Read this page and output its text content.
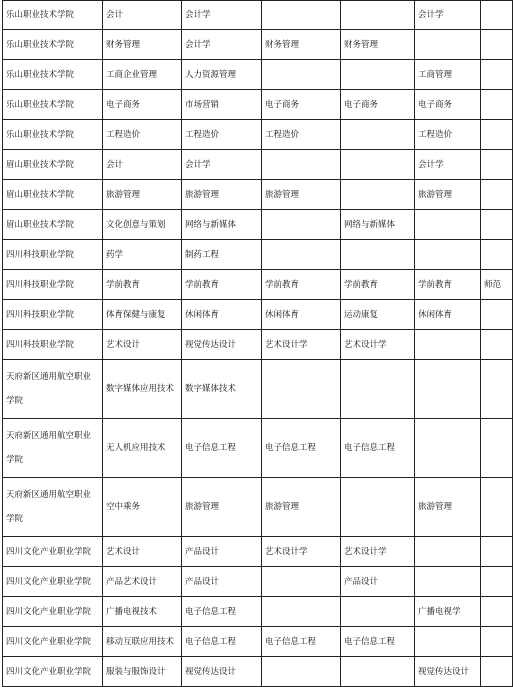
乐山职业技术学院	会计	会计学			会计学	
乐山职业技术学院	财务管理	会计学	财务管理	财务管理		
乐山职业技术学院	工商企业管理	人力资源管理			工商管理	
乐山职业技术学院	电子商务	市场营销	电子商务	电子商务	电子商务	
乐山职业技术学院	工程造价	工程造价	工程造价		工程造价	
眉山职业技术学院	会计	会计学			会计学	
眉山职业技术学院	旅游管理	旅游管理	旅游管理		旅游管理	
眉山职业技术学院	文化创意与策划	网络与新媒体		网络与新媒体		
四川科技职业学院	药学	制药工程				
四川科技职业学院	学前教育	学前教育	学前教育	学前教育	学前教育	师范
四川科技职业学院	体育保健与康复	休闲体育	休闲体育	运动康复	休闲体育	
四川科技职业学院	艺术设计	视觉传达设计	艺术设计学	艺术设计学		
天府新区通用航空职业学院	数字媒体应用技术	数字媒体技术				
天府新区通用航空职业学院	无人机应用技术	电子信息工程	电子信息工程	电子信息工程		
天府新区通用航空职业学院	空中乘务	旅游管理	旅游管理		旅游管理	
四川文化产业职业学院	艺术设计	产品设计	艺术设计学	艺术设计学		
四川文化产业职业学院	产品艺术设计	产品设计		产品设计		
四川文化产业职业学院	广播电视技术	电子信息工程			广播电视学	
四川文化产业职业学院	移动互联应用技术	电子信息工程	电子信息工程	电子信息工程		
四川文化产业职业学院	服装与服饰设计	视觉传达设计			视觉传达设计	
